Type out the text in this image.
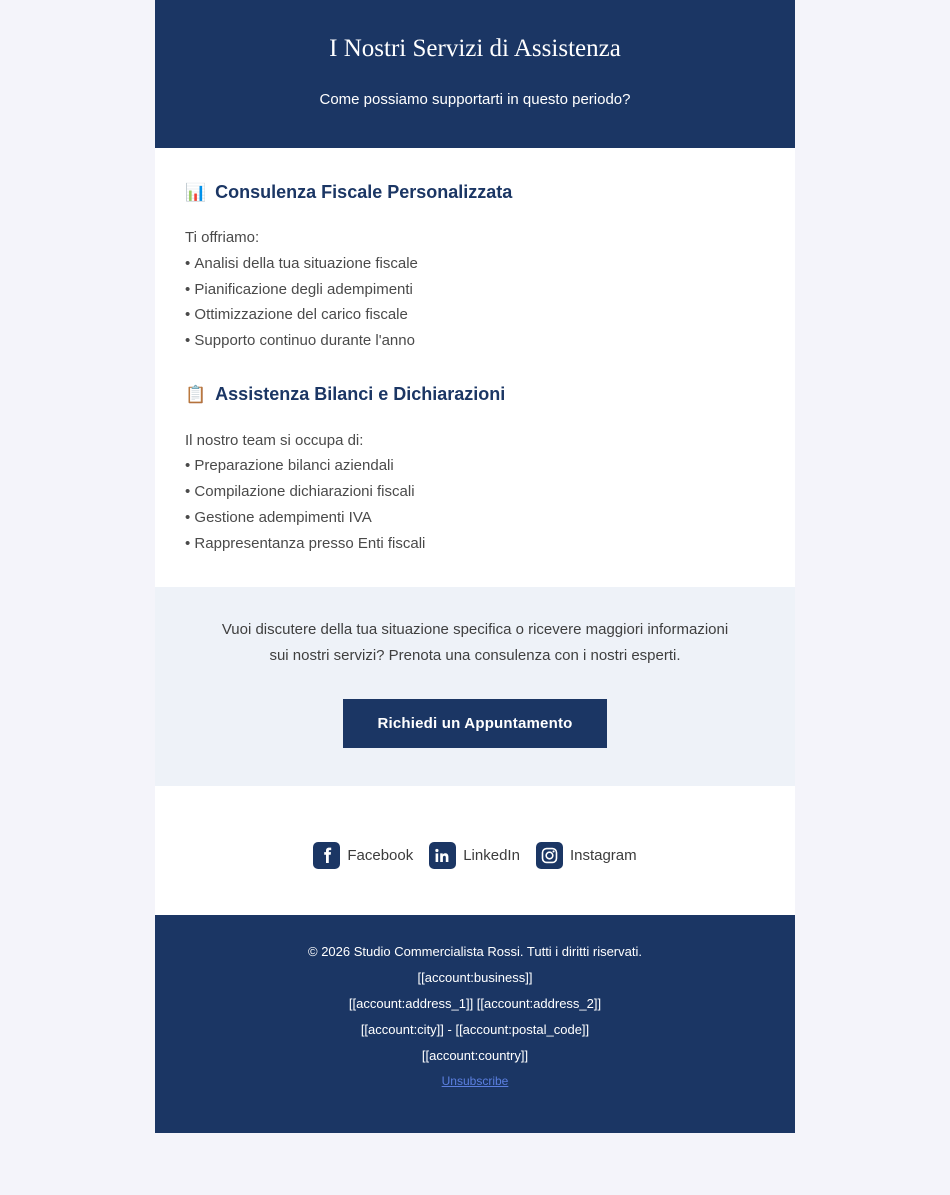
I Nostri Servizi di Assistenza

Come possiamo supportarti in questo periodo?

📊 Consulenza Fiscale Personalizzata

Ti offriamo:

• Analisi della tua situazione fiscale
• Pianificazione degli adempimenti
• Ottimizzazione del carico fiscale
• Supporto continuo durante l'anno
📋 Assistenza Bilanci e Dichiarazioni

Il nostro team si occupa di:

• Preparazione bilanci aziendali
• Compilazione dichiarazioni fiscali
• Gestione adempimenti IVA
• Rappresentanza presso Enti fiscali

Vuoi discutere della tua situazione specifica o ricevere maggiori informazioni sui nostri servizi? Prenota una consulenza con i nostri esperti.

Richiedi un Appuntamento
Facebook	LinkedIn	Instagram
© 2026 Studio Commercialista Rossi. Tutti i diritti riservati.
[[account:business]]
[[account:address_1]] [[account:address_2]]
[[account:city]] - [[account:postal_code]]
[[account:country]]
Unsubscribe
